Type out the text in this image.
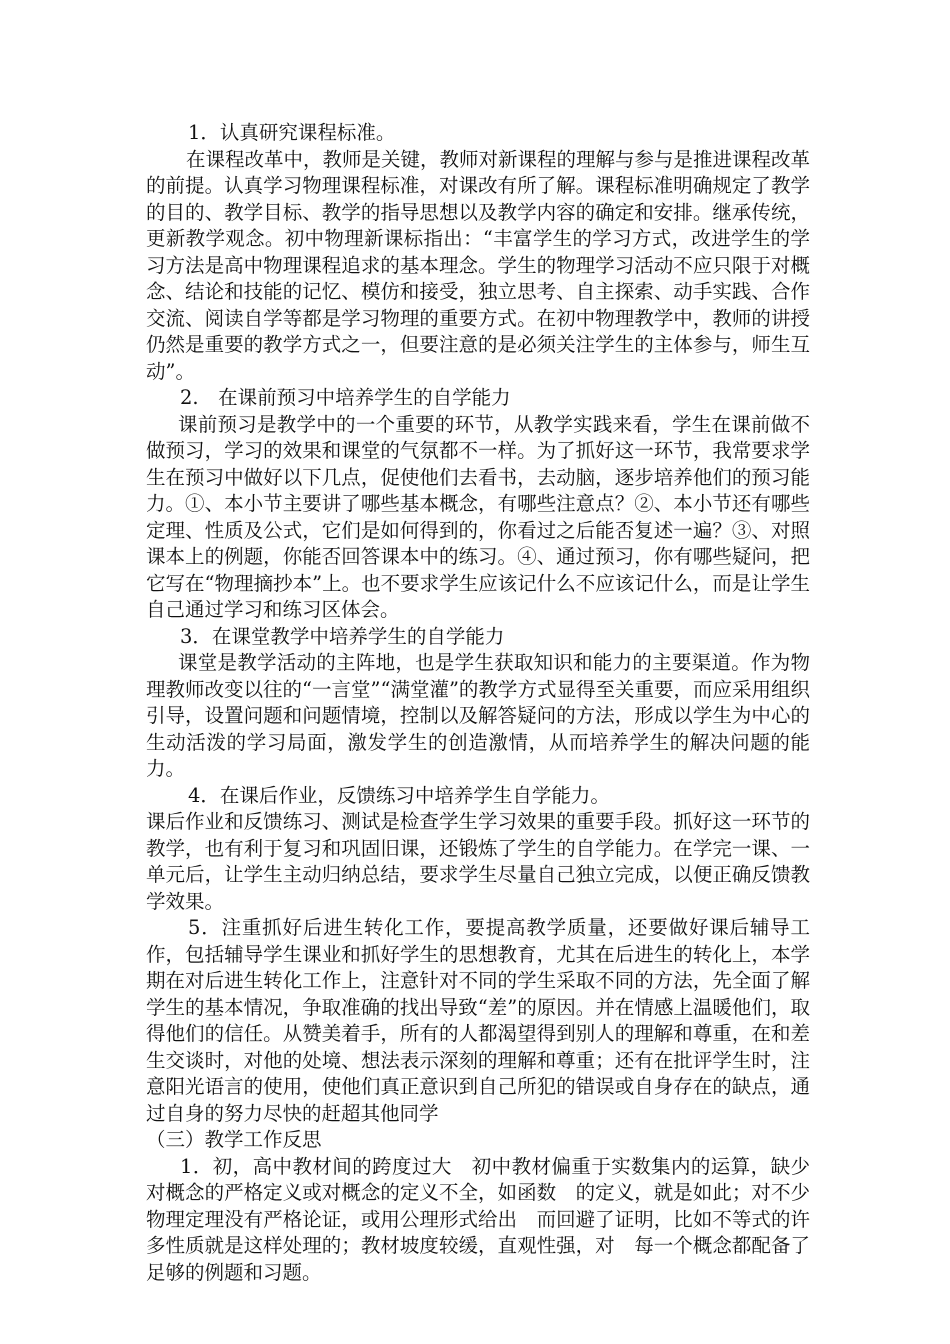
1．认真研究课程标准。

在课程改革中，教师是关键，教师对新课程的理解与参与是推进课程改革的前提。认真学习物理课程标准，对课改有所了解。课程标准明确规定了教学的目的、教学目标、教学的指导思想以及教学内容的确定和安排。继承传统，更新教学观念。初中物理新课标指出：“丰富学生的学习方式，改进学生的学习方法是高中物理课程追求的基本理念。学生的物理学习活动不应只限于对概念、结论和技能的记忆、模仿和接受，独立思考、自主探索、动手实践、合作交流、阅读自学等都是学习物理的重要方式。在初中物理教学中，教师的讲授仍然是重要的教学方式之一，但要注意的是必须关注学生的主体参与，师生互动”。

2.　在课前预习中培养学生的自学能力

课前预习是教学中的一个重要的环节，从教学实践来看，学生在课前做不做预习，学习的效果和课堂的气氛都不一样。为了抓好这一环节，我常要求学生在预习中做好以下几点，促使他们去看书，去动脑，逐步培养他们的预习能力。①、本小节主要讲了哪些基本概念，有哪些注意点？②、本小节还有哪些定理、性质及公式，它们是如何得到的，你看过之后能否复述一遍？③、对照课本上的例题，你能否回答课本中的练习。④、通过预习，你有哪些疑问，把它写在“物理摘抄本”上。也不要求学生应该记什么不应该记什么，而是让学生自己通过学习和练习区体会。

3．在课堂教学中培养学生的自学能力

课堂是教学活动的主阵地，也是学生获取知识和能力的主要渠道。作为物理教师改变以往的“一言堂”“满堂灌”的教学方式显得至关重要，而应采用组织引导，设置问题和问题情境，控制以及解答疑问的方法，形成以学生为中心的生动活泼的学习局面，激发学生的创造激情，从而培养学生的解决问题的能力。

4．在课后作业，反馈练习中培养学生自学能力。

课后作业和反馈练习、测试是检查学生学习效果的重要手段。抓好这一环节的教学，也有利于复习和巩固旧课，还锻炼了学生的自学能力。在学完一课、一单元后，让学生主动归纳总结，要求学生尽量自己独立完成，以便正确反馈教学效果。

5．注重抓好后进生转化工作，要提高教学质量，还要做好课后辅导工作，包括辅导学生课业和抓好学生的思想教育，尤其在后进生的转化上，本学期在对后进生转化工作上，注意针对不同的学生采取不同的方法，先全面了解学生的基本情况，争取准确的找出导致“差”的原因。并在情感上温暖他们，取得他们的信任。从赞美着手，所有的人都渴望得到别人的理解和尊重，在和差生交谈时，对他的处境、想法表示深刻的理解和尊重；还有在批评学生时，注意阳光语言的使用，使他们真正意识到自己所犯的错误或自身存在的缺点，通过自身的努力尽快的赶超其他同学

（三）教学工作反思

1．初，高中教材间的跨度过大　初中教材偏重于实数集内的运算，缺少对概念的严格定义或对概念的定义不全，如函数　的定义，就是如此；对不少物理定理没有严格论证，或用公理形式给出　而回避了证明，比如不等式的许多性质就是这样处理的；教材坡度较缓，直观性强，对　每一个概念都配备了足够的例题和习题。
